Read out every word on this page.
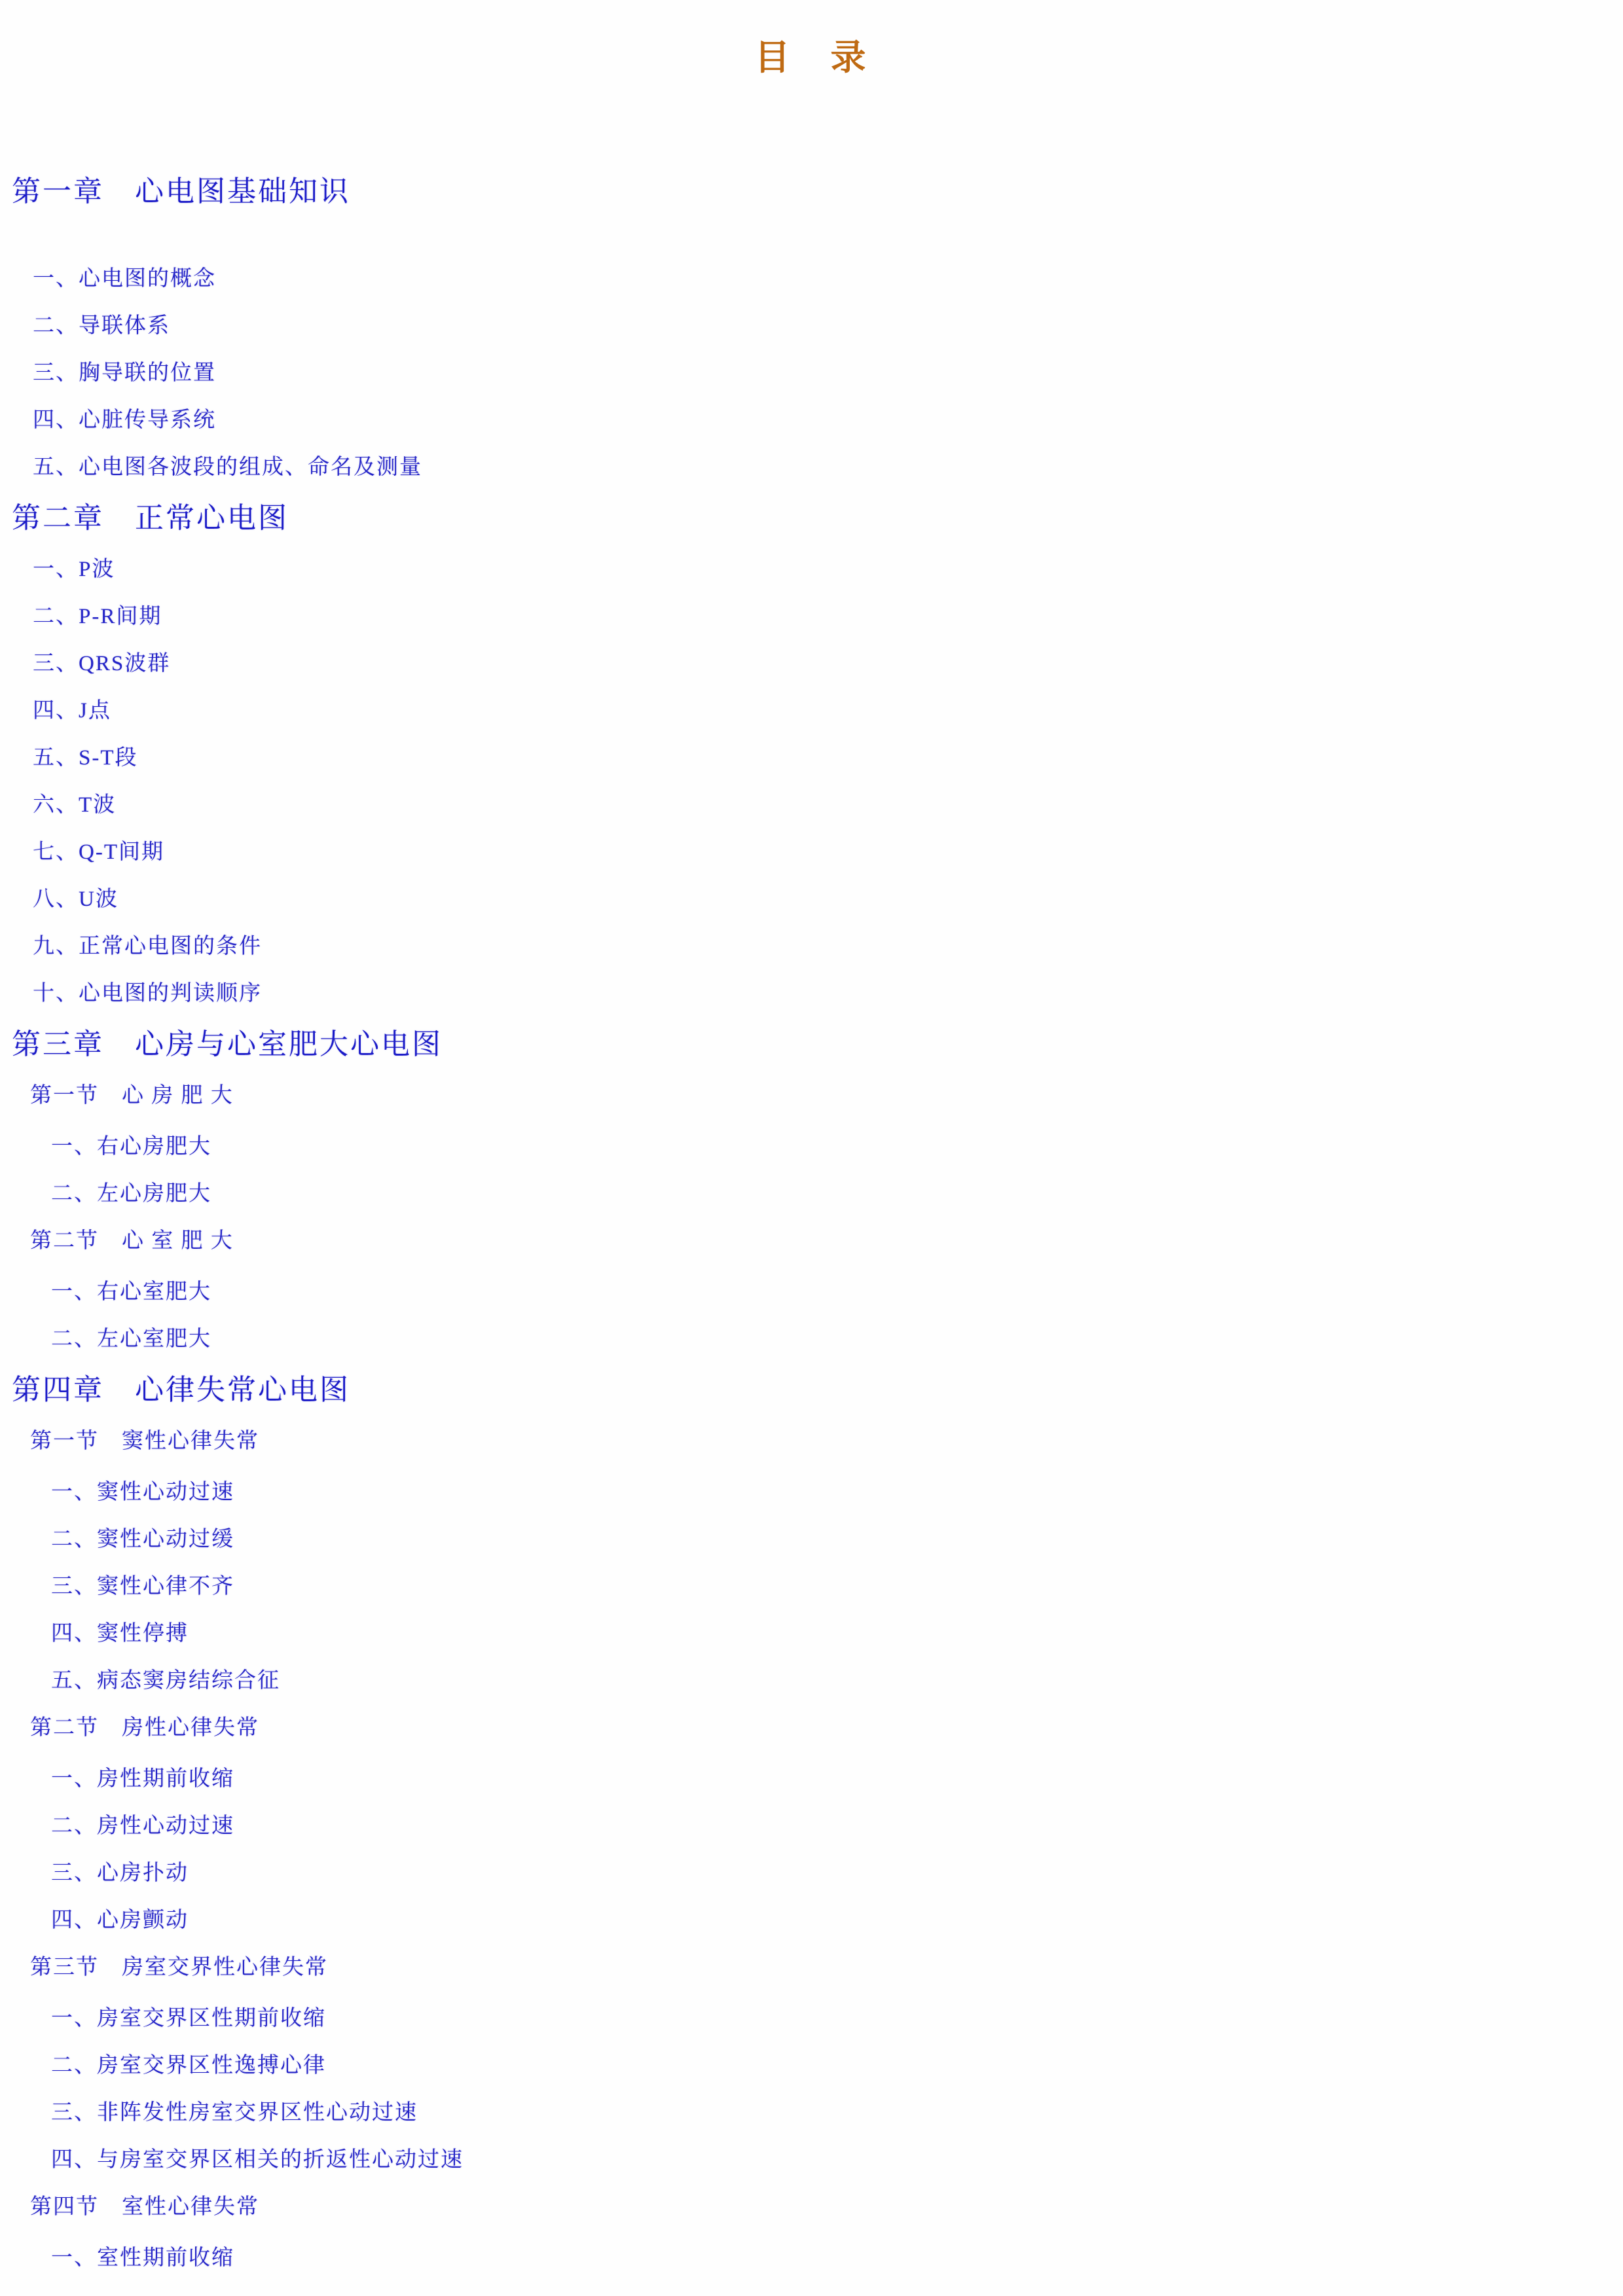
目　录
第一章　心电图基础知识
一、心电图的概念
二、导联体系
三、胸导联的位置
四、心脏传导系统
五、心电图各波段的组成、命名及测量
第二章　正常心电图
一、P波
二、P-R间期
三、QRS波群
四、J点
五、S-T段
六、T波
七、Q-T间期
八、U波
九、正常心电图的条件
十、心电图的判读顺序
第三章　心房与心室肥大心电图
第一节　心 房 肥 大
一、右心房肥大
二、左心房肥大
第二节　心 室 肥 大
一、右心室肥大
二、左心室肥大
第四章　心律失常心电图
第一节　窦性心律失常
一、窦性心动过速
二、窦性心动过缓
三、窦性心律不齐
四、窦性停搏
五、病态窦房结综合征
第二节　房性心律失常
一、房性期前收缩
二、房性心动过速
三、心房扑动
四、心房颤动
第三节　房室交界性心律失常
一、房室交界区性期前收缩
二、房室交界区性逸搏心律
三、非阵发性房室交界区性心动过速
四、与房室交界区相关的折返性心动过速
第四节　室性心律失常
一、室性期前收缩
